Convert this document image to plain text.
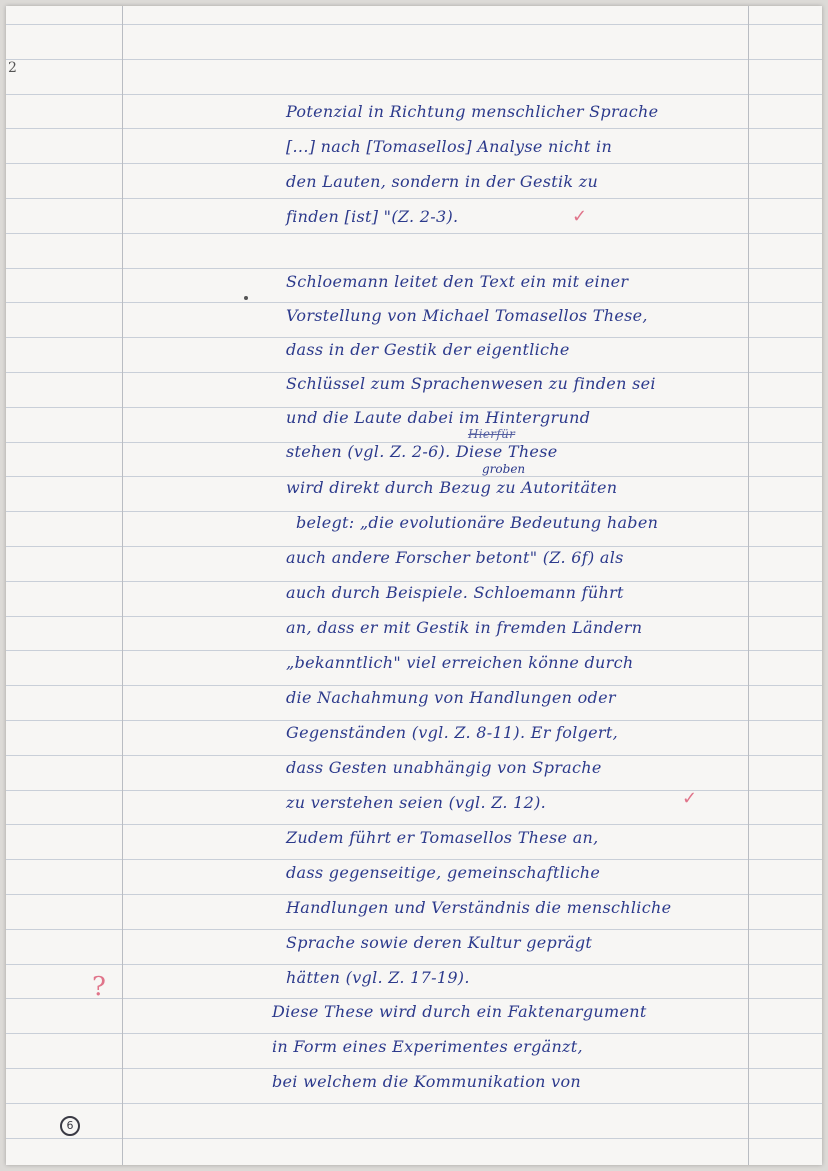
2
Potenzial in Richtung menschlicher Sprache
[...] nach [Tomasellos] Analyse nicht in
den Lauten, sondern in der Gestik zu
finden [ist] "(Z. 2-3).	✓
Schloemann leitet den Text ein mit einer
Vorstellung von Michael Tomasellos These,
dass in der Gestik der eigentliche
Schlüssel zum Sprachenwesen zu finden sei
und die Laute dabei im Hintergrund
stehen (vgl. Z. 2-6). Diese These
Hierfür
groben
wird direkt durch Bezug zu Autoritäten
belegt: „die evolutionäre Bedeutung haben
auch andere Forscher betont" (Z. 6f) als
auch durch Beispiele. Schloemann führt
an, dass er mit Gestik in fremden Ländern
„bekanntlich" viel erreichen könne durch
die Nachahmung von Handlungen oder
Gegenständen (vgl. Z. 8-11). Er folgert,
dass Gesten unabhängig von Sprache
zu verstehen seien (vgl. Z. 12).	✓
Zudem führt er Tomasellos These an,
dass gegenseitige, gemeinschaftliche
Handlungen und Verständnis die menschliche
Sprache sowie deren Kultur geprägt
hätten (vgl. Z. 17-19).
?
Diese These wird durch ein Faktenargument
in Form eines Experimentes ergänzt,
bei welchem die Kommunikation von
6
